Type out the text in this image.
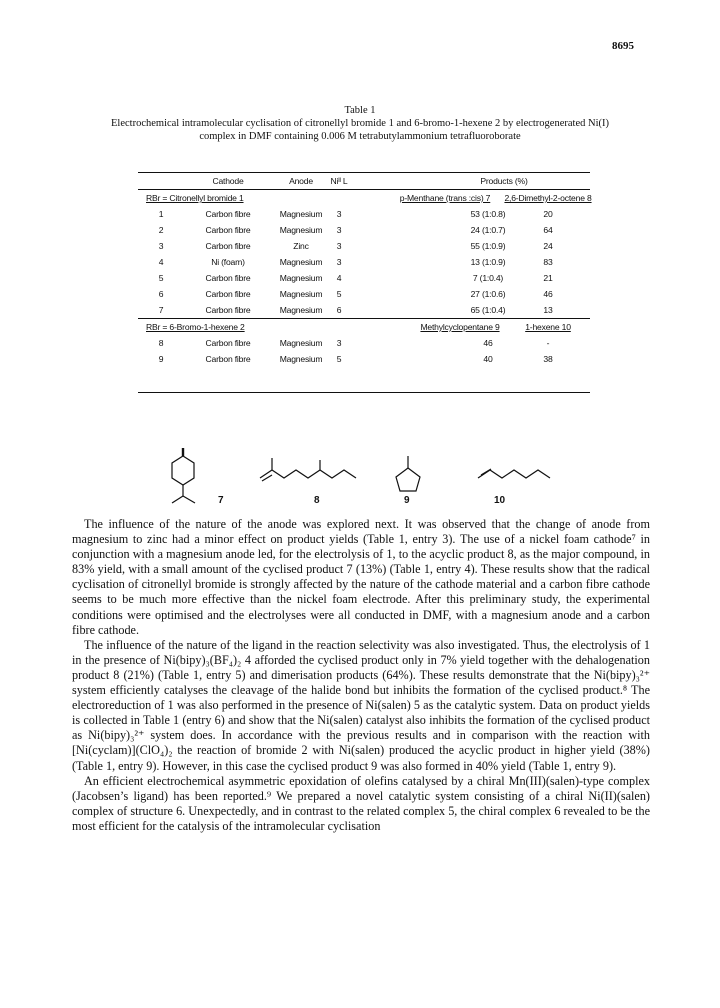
8695
Table 1
Electrochemical intramolecular cyclisation of citronellyl bromide 1 and 6-bromo-1-hexene 2 by electrogenerated Ni(I) complex in DMF containing 0.006 M tetrabutylammonium tetrafluoroborate
Cathode	Anode	Niᴵᴵ L	Products (%)
RBr = Citronellyl bromide 1	p-Menthane (trans :cis) 7	2,6-Dimethyl-2-octene 8
1	Carbon fibre	Magnesium	3	53 (1:0.8)	20
2	Carbon fibre	Magnesium	3	24 (1:0.7)	64
3	Carbon fibre	Zinc	3	55 (1:0.9)	24
4	Ni (foam)	Magnesium	3	13 (1:0.9)	83
5	Carbon fibre	Magnesium	4	7 (1:0.4)	21
6	Carbon fibre	Magnesium	5	27 (1:0.6)	46
7	Carbon fibre	Magnesium	6	65 (1:0.4)	13
RBr = 6-Bromo-1-hexene 2	Methylcyclopentane 9	1-hexene 10
8	Carbon fibre	Magnesium	3	46	-
9	Carbon fibre	Magnesium	5	40	38
7	8	9	10

The influence of the nature of the anode was explored next. It was observed that the change of anode from magnesium to zinc had a minor effect on product yields (Table 1, entry 3). The use of a nickel foam cathode⁷ in conjunction with a magnesium anode led, for the electrolysis of 1, to the acyclic product 8, as the major compound, in 83% yield, with a small amount of the cyclised product 7 (13%) (Table 1, entry 4). These results show that the radical cyclisation of citronellyl bromide is strongly affected by the nature of the cathode material and a carbon fibre cathode seems to be much more effective than the nickel foam electrode. After this preliminary study, the experimental conditions were optimised and the electrolyses were all conducted in DMF, with a magnesium anode and a carbon fibre cathode.

The influence of the nature of the ligand in the reaction selectivity was also investigated. Thus, the electrolysis of 1 in the presence of Ni(bipy)₃(BF₄)₂ 4 afforded the cyclised product only in 7% yield together with the dehalogenation product 8 (21%) (Table 1, entry 5) and dimerisation products (64%). These results demonstrate that the Ni(bipy)₃²⁺ system efficiently catalyses the cleavage of the halide bond but inhibits the formation of the cyclised product.⁸ The electroreduction of 1 was also performed in the presence of Ni(salen) 5 as the catalytic system. Data on product yields is collected in Table 1 (entry 6) and show that the Ni(salen) catalyst also inhibits the formation of the cyclised product as Ni(bipy)₃²⁺ system does. In accordance with the previous results and in comparison with the reaction with [Ni(cyclam)](ClO₄)₂ the reaction of bromide 2 with Ni(salen) produced the acyclic product in higher yield (38%) (Table 1, entry 9). However, in this case the cyclised product 9 was also formed in 40% yield (Table 1, entry 9).

An efficient electrochemical asymmetric epoxidation of olefins catalysed by a chiral Mn(III)(salen)-type complex (Jacobsen’s ligand) has been reported.⁹ We prepared a novel catalytic system consisting of a chiral Ni(II)(salen) complex of structure 6. Unexpectedly, and in contrast to the related complex 5, the chiral complex 6 revealed to be the most efficient for the catalysis of the intramolecular cyclisation
